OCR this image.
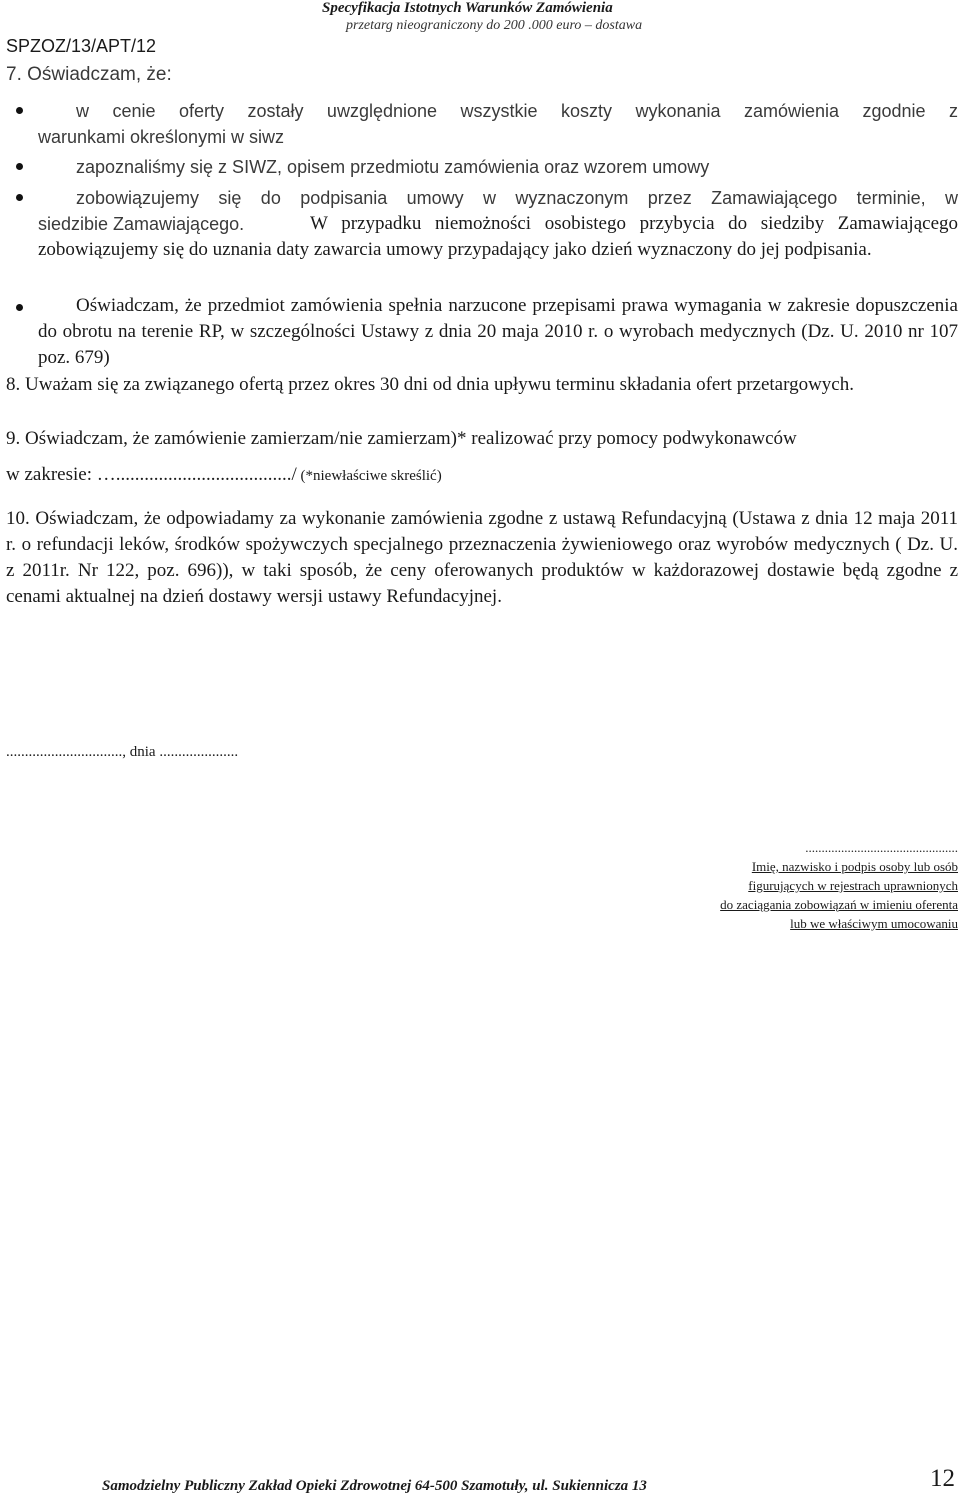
Specyfikacja Istotnych Warunków Zamówienia
przetarg nieograniczony do 200 .000 euro – dostawa
SPZOZ/13/APT/12
7. Oświadczam, że:
w cenie oferty zostały uwzględnione wszystkie koszty wykonania zamówienia zgodnie z
warunkami określonymi w siwz
zapoznaliśmy się z SIWZ, opisem przedmiotu zamówienia oraz wzorem umowy
zobowiązujemy się do podpisania umowy w wyznaczonym przez Zamawiającego terminie, w
siedzibie Zamawiającego.	W przypadku niemożności osobistego przybycia do siedziby Zamawiającego zobowiązujemy się do uznania daty zawarcia umowy przypadający jako dzień wyznaczony do jej podpisania.
Oświadczam, że przedmiot zamówienia spełnia narzucone przepisami prawa wymagania w zakresie dopuszczenia do obrotu na terenie RP, w szczególności Ustawy z dnia 20 maja 2010 r. o wyrobach medycznych (Dz. U. 2010 nr 107 poz. 679)
8. Uważam się za związanego ofertą przez okres 30 dni od dnia upływu terminu składania ofert przetargowych.
9. Oświadczam, że zamówienie zamierzam/nie zamierzam)* realizować przy pomocy podwykonawców
w zakresie: …...................................../ (*niewłaściwe skreślić)
10. Oświadczam, że odpowiadamy za wykonanie zamówienia zgodne z ustawą Refundacyjną (Ustawa z dnia 12 maja 2011 r. o refundacji leków, środków spożywczych specjalnego przeznaczenia żywieniowego oraz wyrobów medycznych ( Dz. U. z 2011r. Nr 122, poz. 696)), w taki sposób, że ceny oferowanych produktów w każdorazowej dostawie będą zgodne z cenami aktualnej na dzień dostawy wersji ustawy Refundacyjnej.
..............................., dnia .....................
...............................................
Imię, nazwisko i podpis osoby lub osób
figurujących w rejestrach uprawnionych
do zaciągania zobowiązań w imieniu oferenta
lub we właściwym umocowaniu
Samodzielny Publiczny Zakład Opieki Zdrowotnej 64-500 Szamotuły, ul. Sukiennicza 13	12
